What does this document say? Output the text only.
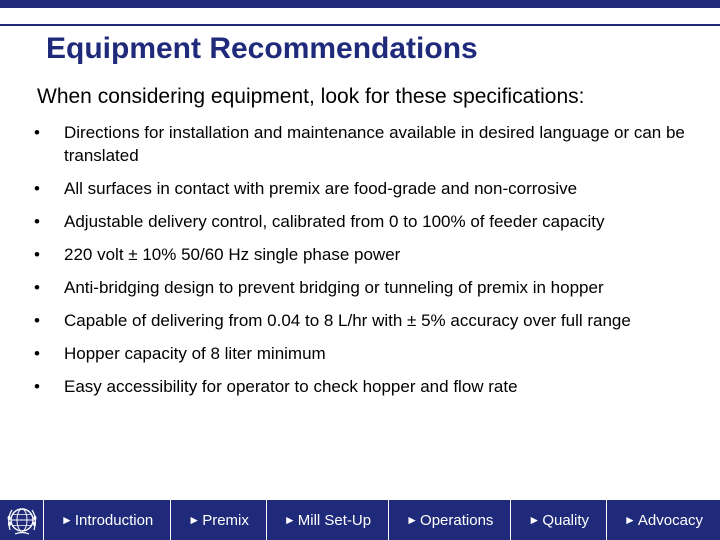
Equipment Recommendations
When considering equipment, look for these specifications:
•	Directions for installation and maintenance available in desired language or can be translated
•	All surfaces in contact with premix are food-grade and non-corrosive
•	Adjustable delivery control, calibrated from 0 to 100% of feeder capacity
•	220 volt ± 10% 50/60 Hz single phase power
•	Anti-bridging design to prevent bridging or tunneling of premix in hopper
•	Capable of delivering from 0.04 to 8 L/hr with ± 5% accuracy over full range
•	Hopper capacity of 8 liter minimum
•	Easy accessibility for operator to check hopper and flow rate
► Introduction	► Premix	► Mill Set-Up	► Operations	► Quality	► Advocacy
